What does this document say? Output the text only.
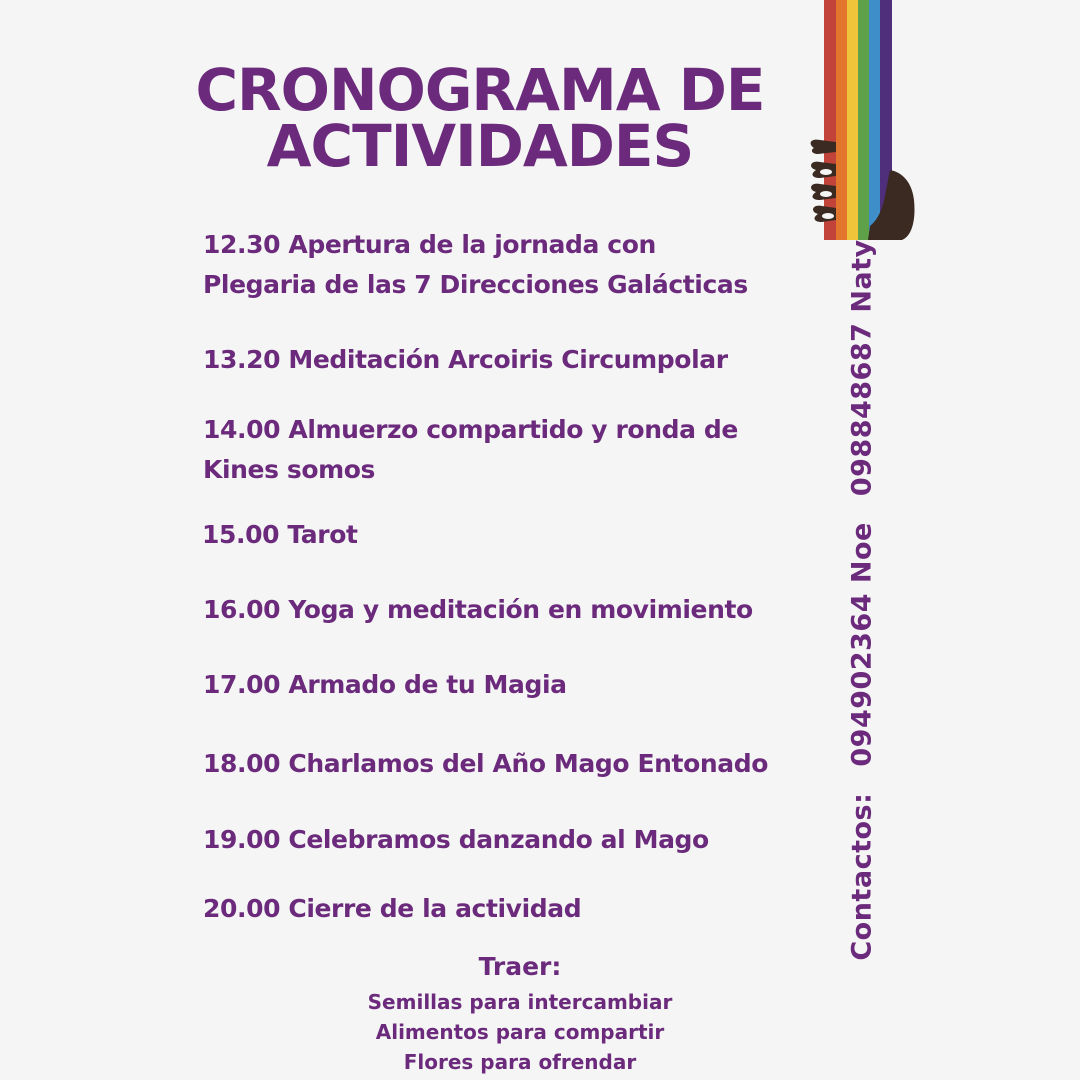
CRONOGRAMA DE
ACTIVIDADES

12.30 Apertura de la jornada con
Plegaria de las 7 Direcciones Galácticas

13.20 Meditación Arcoiris Circumpolar

14.00 Almuerzo compartido y ronda de
Kines somos

15.00 Tarot

16.00 Yoga y meditación en movimiento

17.00 Armado de tu Magia

18.00 Charlamos del Año Mago Entonado

19.00 Celebramos danzando al Mago

20.00 Cierre de la actividad

Traer:
Semillas para intercambiar
Alimentos para compartir
Flores para ofrendar
Contactos:094902364 Noe098848687 Naty
